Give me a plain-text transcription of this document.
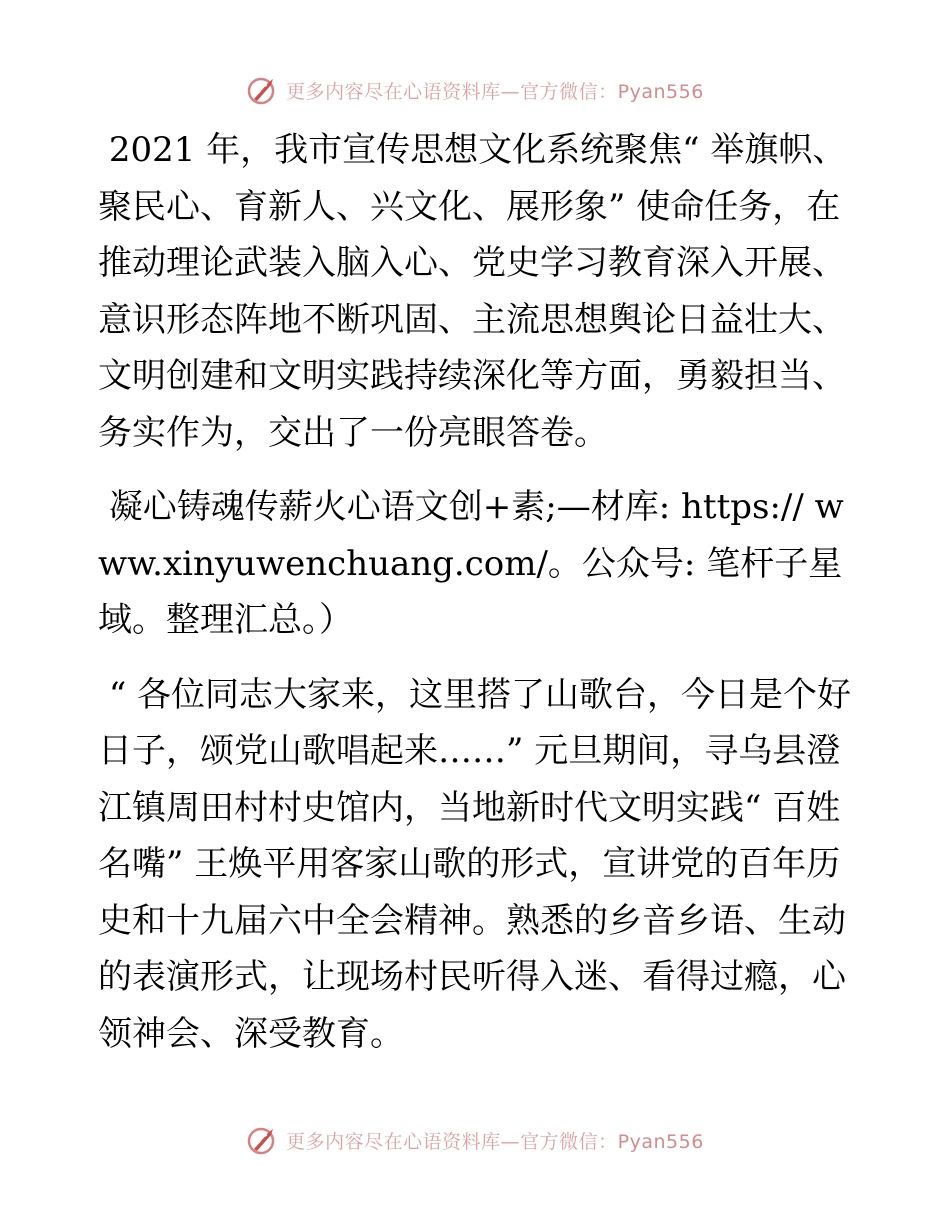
更多内容尽在心语资料库—官方微信：Pyan556

2021 年，我市宣传思想文化系统聚焦“ 举旗帜、聚民心、育新人、兴文化、展形象” 使命任务，在推动理论武装入脑入心、党史学习教育深入开展、意识形态阵地不断巩固、主流思想舆论日益壮大、文明创建和文明实践持续深化等方面，勇毅担当、务实作为，交出了一份亮眼答卷。

凝心铸魂传薪火心语文创+素;—材库: https:// www.xinyuwenchuang.com/。公众号: 笔杆子星域。整理汇总。）

“ 各位同志大家来，这里搭了山歌台，今日是个好日子，颂党山歌唱起来……” 元旦期间，寻乌县澄江镇周田村村史馆内，当地新时代文明实践“ 百姓名嘴” 王焕平用客家山歌的形式，宣讲党的百年历史和十九届六中全会精神。熟悉的乡音乡语、生动的表演形式，让现场村民听得入迷、看得过瘾，心领神会、深受教育。

更多内容尽在心语资料库—官方微信：Pyan556
